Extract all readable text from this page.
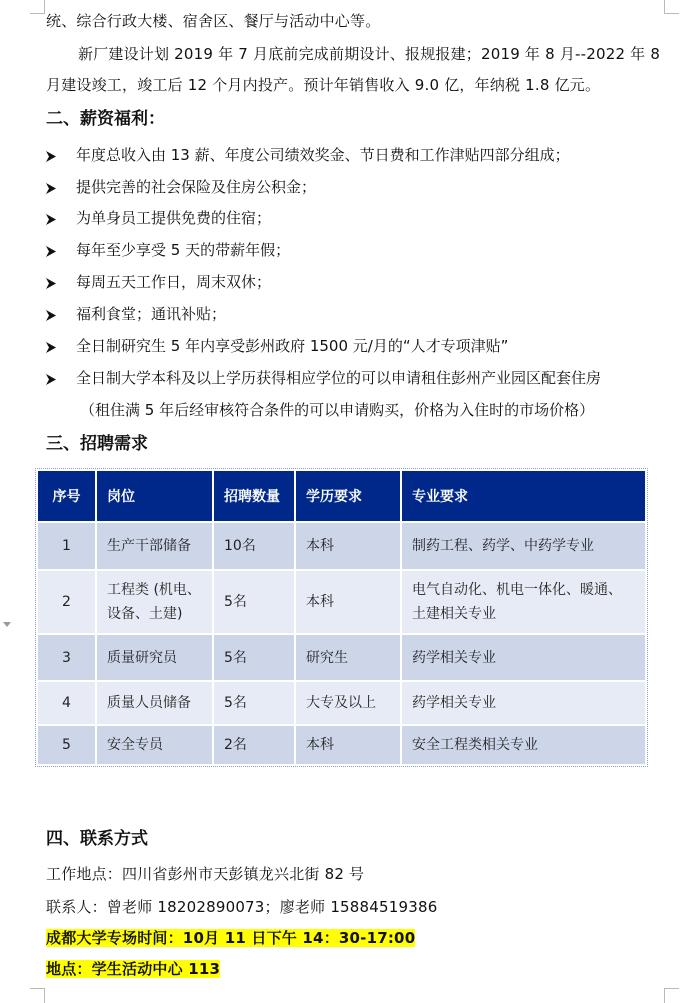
统、综合行政大楼、宿舍区、餐厅与活动中心等。
新厂建设计划 2019 年 7 月底前完成前期设计、报规报建；2019 年 8 月--2022 年 8
月建设竣工，竣工后 12 个月内投产。预计年销售收入 9.0 亿，年纳税 1.8 亿元。
二、薪资福利：
年度总收入由 13 薪、年度公司绩效奖金、节日费和工作津贴四部分组成；
提供完善的社会保险及住房公积金；
为单身员工提供免费的住宿；
每年至少享受 5 天的带薪年假；
每周五天工作日，周末双休；
福利食堂；通讯补贴；
全日制研究生 5 年内享受彭州政府 1500 元/月的“人才专项津贴”
全日制大学本科及以上学历获得相应学位的可以申请租住彭州产业园区配套住房
（租住满 5 年后经审核符合条件的可以申请购买，价格为入住时的市场价格）
三、招聘需求
序号	岗位	招聘数量	学历要求	专业要求
1	生产干部储备	10名	本科	制药工程、药学、中药学专业
2	工程类 (机电、设备、土建)	5名	本科	电气自动化、机电一体化、暖通、土建相关专业
3	质量研究员	5名	研究生	药学相关专业
4	质量人员储备	5名	大专及以上	药学相关专业
5	安全专员	2名	本科	安全工程类相关专业
四、联系方式
工作地点：四川省彭州市天彭镇龙兴北街 82 号
联系人：曾老师 18202890073；廖老师 15884519386
成都大学专场时间：10月 11 日下午 14：30-17:00
地点：学生活动中心 113
